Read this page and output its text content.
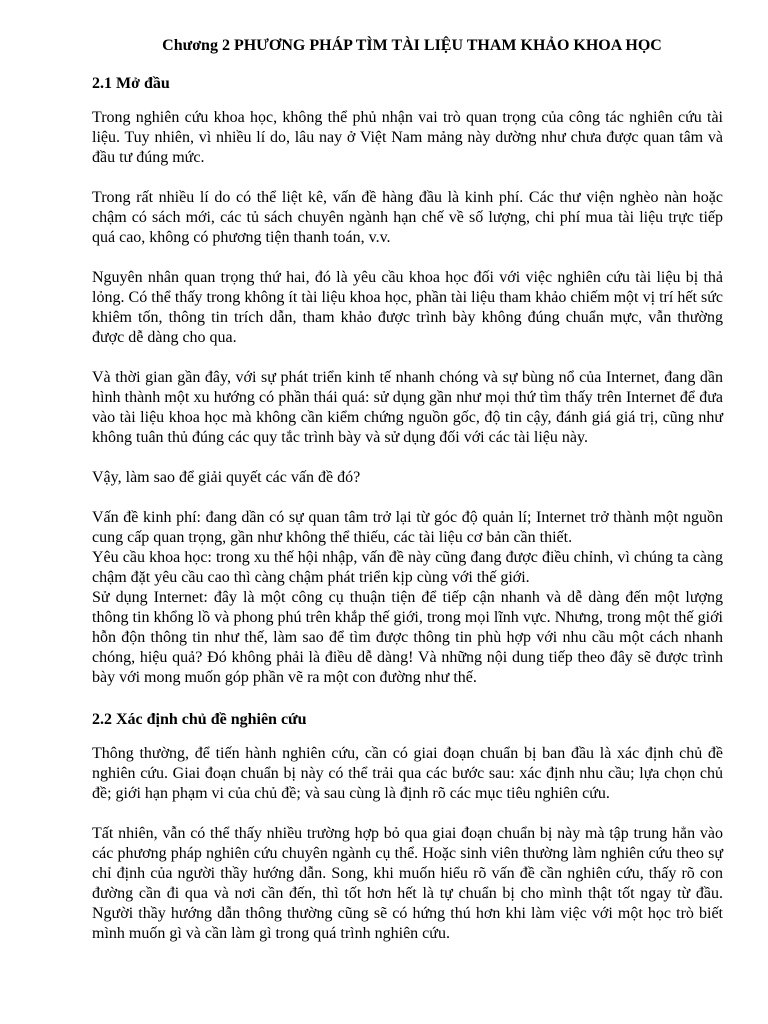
Chương 2 PHƯƠNG PHÁP TÌM TÀI LIỆU THAM KHẢO KHOA HỌC
2.1 Mở đầu

Trong nghiên cứu khoa học, không thể phủ nhận vai trò quan trọng của công tác nghiên cứu tài liệu. Tuy nhiên, vì nhiều lí do, lâu nay ở Việt Nam mảng này dường như chưa được quan tâm và đầu tư đúng mức.

Trong rất nhiều lí do có thể liệt kê, vấn đề hàng đầu là kinh phí. Các thư viện nghèo nàn hoặc chậm có sách mới, các tủ sách chuyên ngành hạn chế về số lượng, chi phí mua tài liệu trực tiếp quá cao, không có phương tiện thanh toán, v.v.

Nguyên nhân quan trọng thứ hai, đó là yêu cầu khoa học đối với việc nghiên cứu tài liệu bị thả lỏng. Có thể thấy trong không ít tài liệu khoa học, phần tài liệu tham khảo chiếm một vị trí hết sức khiêm tốn, thông tin trích dẫn, tham khảo được trình bày không đúng chuẩn mực, vẫn thường được dễ dàng cho qua.

Và thời gian gần đây, với sự phát triển kinh tế nhanh chóng và sự bùng nổ của Internet, đang dần hình thành một xu hướng có phần thái quá: sử dụng gần như mọi thứ tìm thấy trên Internet để đưa vào tài liệu khoa học mà không cần kiểm chứng nguồn gốc, độ tin cậy, đánh giá giá trị, cũng như không tuân thủ đúng các quy tắc trình bày và sử dụng đối với các tài liệu này.

Vậy, làm sao để giải quyết các vấn đề đó?

Vấn đề kinh phí: đang dần có sự quan tâm trở lại từ góc độ quản lí; Internet trở thành một nguồn cung cấp quan trọng, gần như không thể thiếu, các tài liệu cơ bản cần thiết.

Yêu cầu khoa học: trong xu thế hội nhập, vấn đề này cũng đang được điều chỉnh, vì chúng ta càng chậm đặt yêu cầu cao thì càng chậm phát triển kịp cùng với thế giới.

Sử dụng Internet: đây là một công cụ thuận tiện để tiếp cận nhanh và dễ dàng đến một lượng thông tin khổng lồ và phong phú trên khắp thế giới, trong mọi lĩnh vực. Nhưng, trong một thế giới hỗn độn thông tin như thế, làm sao để tìm được thông tin phù hợp với nhu cầu một cách nhanh chóng, hiệu quả? Đó không phải là điều dễ dàng! Và những nội dung tiếp theo đây sẽ được trình bày với mong muốn góp phần vẽ ra một con đường như thế.

2.2 Xác định chủ đề nghiên cứu

Thông thường, để tiến hành nghiên cứu, cần có giai đoạn chuẩn bị ban đầu là xác định chủ đề nghiên cứu. Giai đoạn chuẩn bị này có thể trải qua các bước sau: xác định nhu cầu; lựa chọn chủ đề; giới hạn phạm vi của chủ đề; và sau cùng là định rõ các mục tiêu nghiên cứu.

Tất nhiên, vẫn có thể thấy nhiều trường hợp bỏ qua giai đoạn chuẩn bị này mà tập trung hẳn vào các phương pháp nghiên cứu chuyên ngành cụ thể. Hoặc sinh viên thường làm nghiên cứu theo sự chỉ định của người thầy hướng dẫn. Song, khi muốn hiểu rõ vấn đề cần nghiên cứu, thấy rõ con đường cần đi qua và nơi cần đến, thì tốt hơn hết là tự chuẩn bị cho mình thật tốt ngay từ đầu. Người thầy hướng dẫn thông thường cũng sẽ có hứng thú hơn khi làm việc với một học trò biết mình muốn gì và cần làm gì trong quá trình nghiên cứu.
